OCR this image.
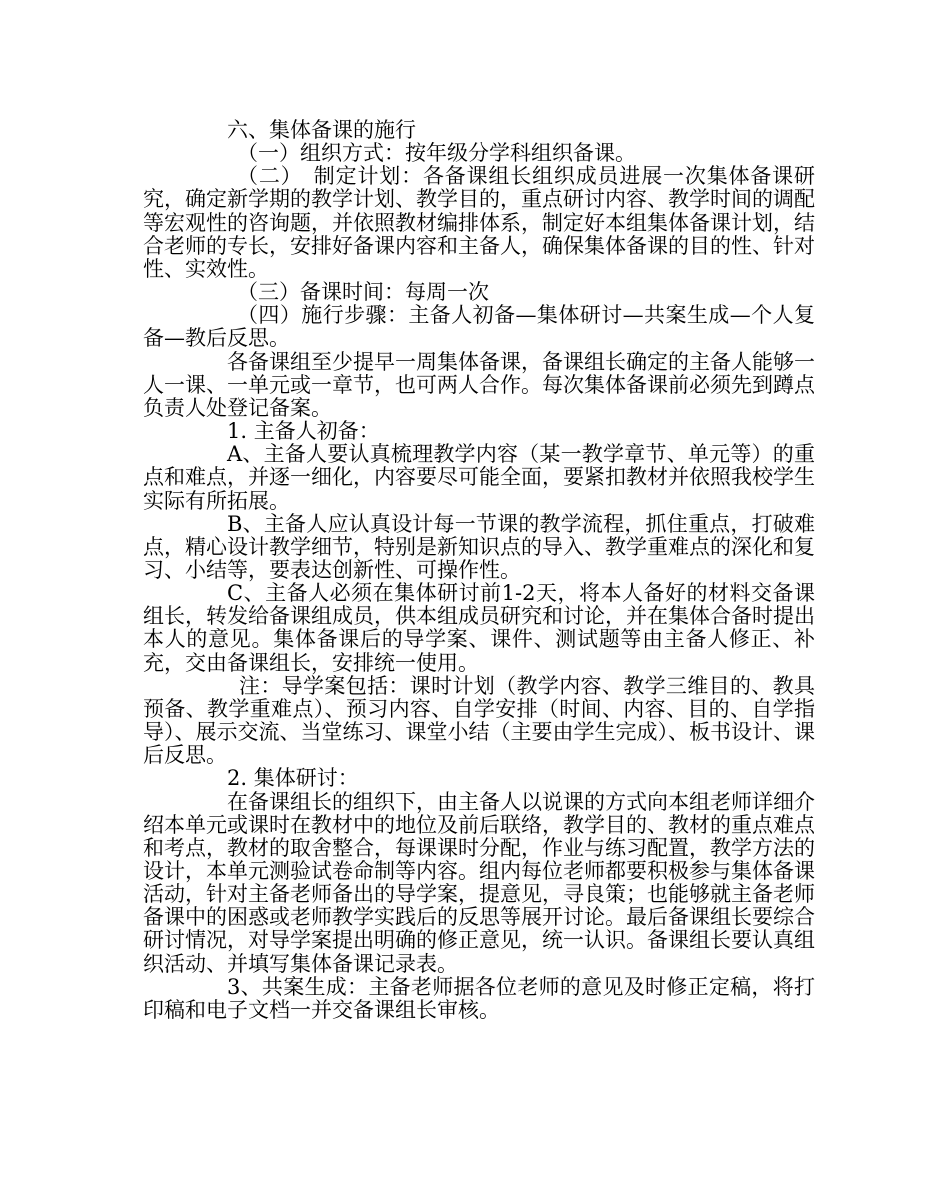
六、集体备课的施行

（一）组织方式：按年级分学科组织备课。

（二）　制定计划：各备课组长组织成员进展一次集体备课研究，确定新学期的教学计划、教学目的，重点研讨内容、教学时间的调配等宏观性的咨询题，并依照教材编排体系，制定好本组集体备课计划，结合老师的专长，安排好备课内容和主备人，确保集体备课的目的性、针对性、实效性。

（三）备课时间：每周一次

（四）施行步骤：主备人初备—集体研讨—共案生成—个人复备—教后反思。

各备课组至少提早一周集体备课，备课组长确定的主备人能够一人一课、一单元或一章节，也可两人合作。每次集体备课前必须先到蹲点负责人处登记备案。

1. 主备人初备：

A、主备人要认真梳理教学内容（某一教学章节、单元等）的重点和难点，并逐一细化，内容要尽可能全面，要紧扣教材并依照我校学生实际有所拓展。

B、主备人应认真设计每一节课的教学流程，抓住重点，打破难点，精心设计教学细节，特别是新知识点的导入、教学重难点的深化和复习、小结等，要表达创新性、可操作性。

C、主备人必须在集体研讨前1-2天，将本人备好的材料交备课组长，转发给备课组成员，供本组成员研究和讨论，并在集体合备时提出本人的意见。集体备课后的导学案、课件、测试题等由主备人修正、补充，交由备课组长，安排统一使用。

注：导学案包括：课时计划（教学内容、教学三维目的、教具预备、教学重难点）、预习内容、自学安排（时间、内容、目的、自学指导）、展示交流、当堂练习、课堂小结（主要由学生完成）、板书设计、课后反思。

2. 集体研讨：

在备课组长的组织下，由主备人以说课的方式向本组老师详细介绍本单元或课时在教材中的地位及前后联络，教学目的、教材的重点难点和考点，教材的取舍整合，每课课时分配，作业与练习配置，教学方法的设计，本单元测验试卷命制等内容。组内每位老师都要积极参与集体备课活动，针对主备老师备出的导学案，提意见，寻良策；也能够就主备老师备课中的困惑或老师教学实践后的反思等展开讨论。最后备课组长要综合研讨情况，对导学案提出明确的修正意见，统一认识。备课组长要认真组织活动、并填写集体备课记录表。

3、共案生成：主备老师据各位老师的意见及时修正定稿，将打印稿和电子文档一并交备课组长审核。
